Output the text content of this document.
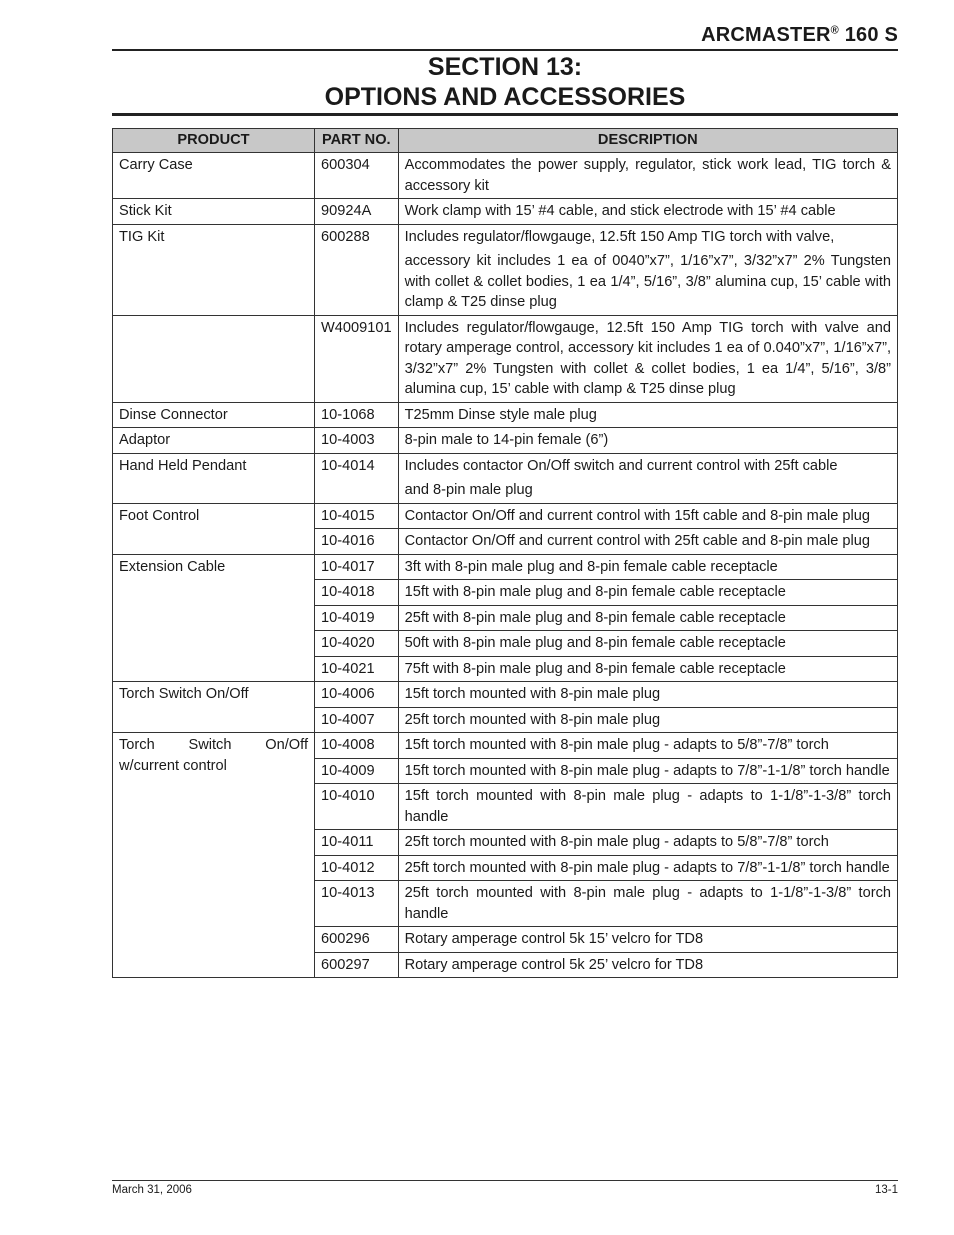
ARCMASTER® 160 S
SECTION 13:
OPTIONS AND ACCESSORIES
PRODUCT	PART NO.	DESCRIPTION
Carry Case	600304	Accommodates the power supply, regulator, stick work lead, TIG torch & accessory kit
Stick Kit	90924A	Work clamp with 15’ #4 cable, and stick electrode with 15’ #4 cable
TIG Kit	600288	Includes regulator/flowgauge, 12.5ft 150 Amp TIG torch with valve,
accessory kit includes 1 ea of 0040”x7”, 1/16”x7”, 3/32”x7” 2% Tungsten with collet & collet bodies, 1 ea 1/4”, 5/16”, 3/8” alumina cup, 15’ cable with clamp & T25 dinse plug

	W4009101	Includes regulator/flowgauge, 12.5ft 150 Amp TIG torch with valve and rotary amperage control, accessory kit includes 1 ea of 0.040”x7”, 1/16”x7”, 3/32”x7” 2% Tungsten with collet & collet bodies, 1 ea 1/4”, 5/16”, 3/8” alumina cup, 15’ cable with clamp & T25 dinse plug
Dinse Connector	10-1068	T25mm Dinse style male plug
Adaptor	10-4003	8-pin male to 14-pin female (6”)
Hand Held Pendant	10-4014	Includes contactor On/Off switch and current control with 25ft cable
and 8-pin male plug

Foot Control	10-4015	Contactor On/Off and current control with 15ft cable and 8-pin male plug
	10-4016	Contactor On/Off and current control with 25ft cable and 8-pin male plug
Extension Cable	10-4017	3ft with 8-pin male plug and 8-pin female cable receptacle
	10-4018	15ft with 8-pin male plug and 8-pin female cable receptacle
	10-4019	25ft with 8-pin male plug and 8-pin female cable receptacle
	10-4020	50ft with 8-pin male plug and 8-pin female cable receptacle
	10-4021	75ft with 8-pin male plug and 8-pin female cable receptacle
Torch Switch On/Off	10-4006	15ft torch mounted with 8-pin male plug
	10-4007	25ft torch mounted with 8-pin male plug
Torch Switch On/Off w/current control	10-4008	15ft torch mounted with 8-pin male plug - adapts to 5/8”-7/8” torch
	10-4009	15ft torch mounted with 8-pin male plug - adapts to 7/8”-1-1/8” torch handle
	10-4010	15ft torch mounted with 8-pin male plug - adapts to 1-1/8”-1-3/8” torch handle
	10-4011	25ft torch mounted with 8-pin male plug - adapts to 5/8”-7/8” torch
	10-4012	25ft torch mounted with 8-pin male plug - adapts to 7/8”-1-1/8” torch handle
	10-4013	25ft torch mounted with 8-pin male plug - adapts to 1-1/8”-1-3/8” torch handle
	600296	Rotary amperage control 5k 15’ velcro for TD8
	600297	Rotary amperage control 5k 25’ velcro for TD8
March 31, 2006	13-1
